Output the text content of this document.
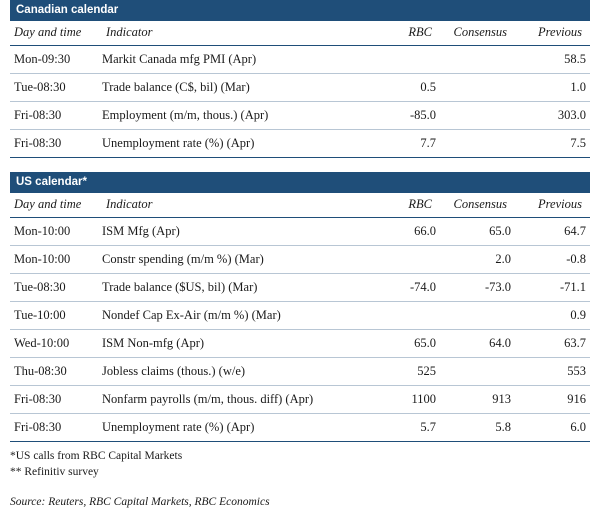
Canadian calendar
Day and time	Indicator	RBC	Consensus	Previous
Mon-09:30	Markit Canada mfg PMI (Apr)			58.5
Tue-08:30	Trade balance (C$, bil) (Mar)	0.5		1.0
Fri-08:30	Employment (m/m, thous.) (Apr)	-85.0		303.0
Fri-08:30	Unemployment rate (%) (Apr)	7.7		7.5
US calendar*
Day and time	Indicator	RBC	Consensus	Previous
Mon-10:00	ISM Mfg (Apr)	66.0	65.0	64.7
Mon-10:00	Constr spending (m/m %) (Mar)		2.0	-0.8
Tue-08:30	Trade balance ($US, bil) (Mar)	-74.0	-73.0	-71.1
Tue-10:00	Nondef Cap Ex-Air (m/m %) (Mar)			0.9
Wed-10:00	ISM Non-mfg (Apr)	65.0	64.0	63.7
Thu-08:30	Jobless claims (thous.) (w/e)	525		553
Fri-08:30	Nonfarm payrolls (m/m, thous. diff) (Apr)	1100	913	916
Fri-08:30	Unemployment rate (%) (Apr)	5.7	5.8	6.0
*US calls from RBC Capital Markets
** Refinitiv survey
Source: Reuters, RBC Capital Markets, RBC Economics
